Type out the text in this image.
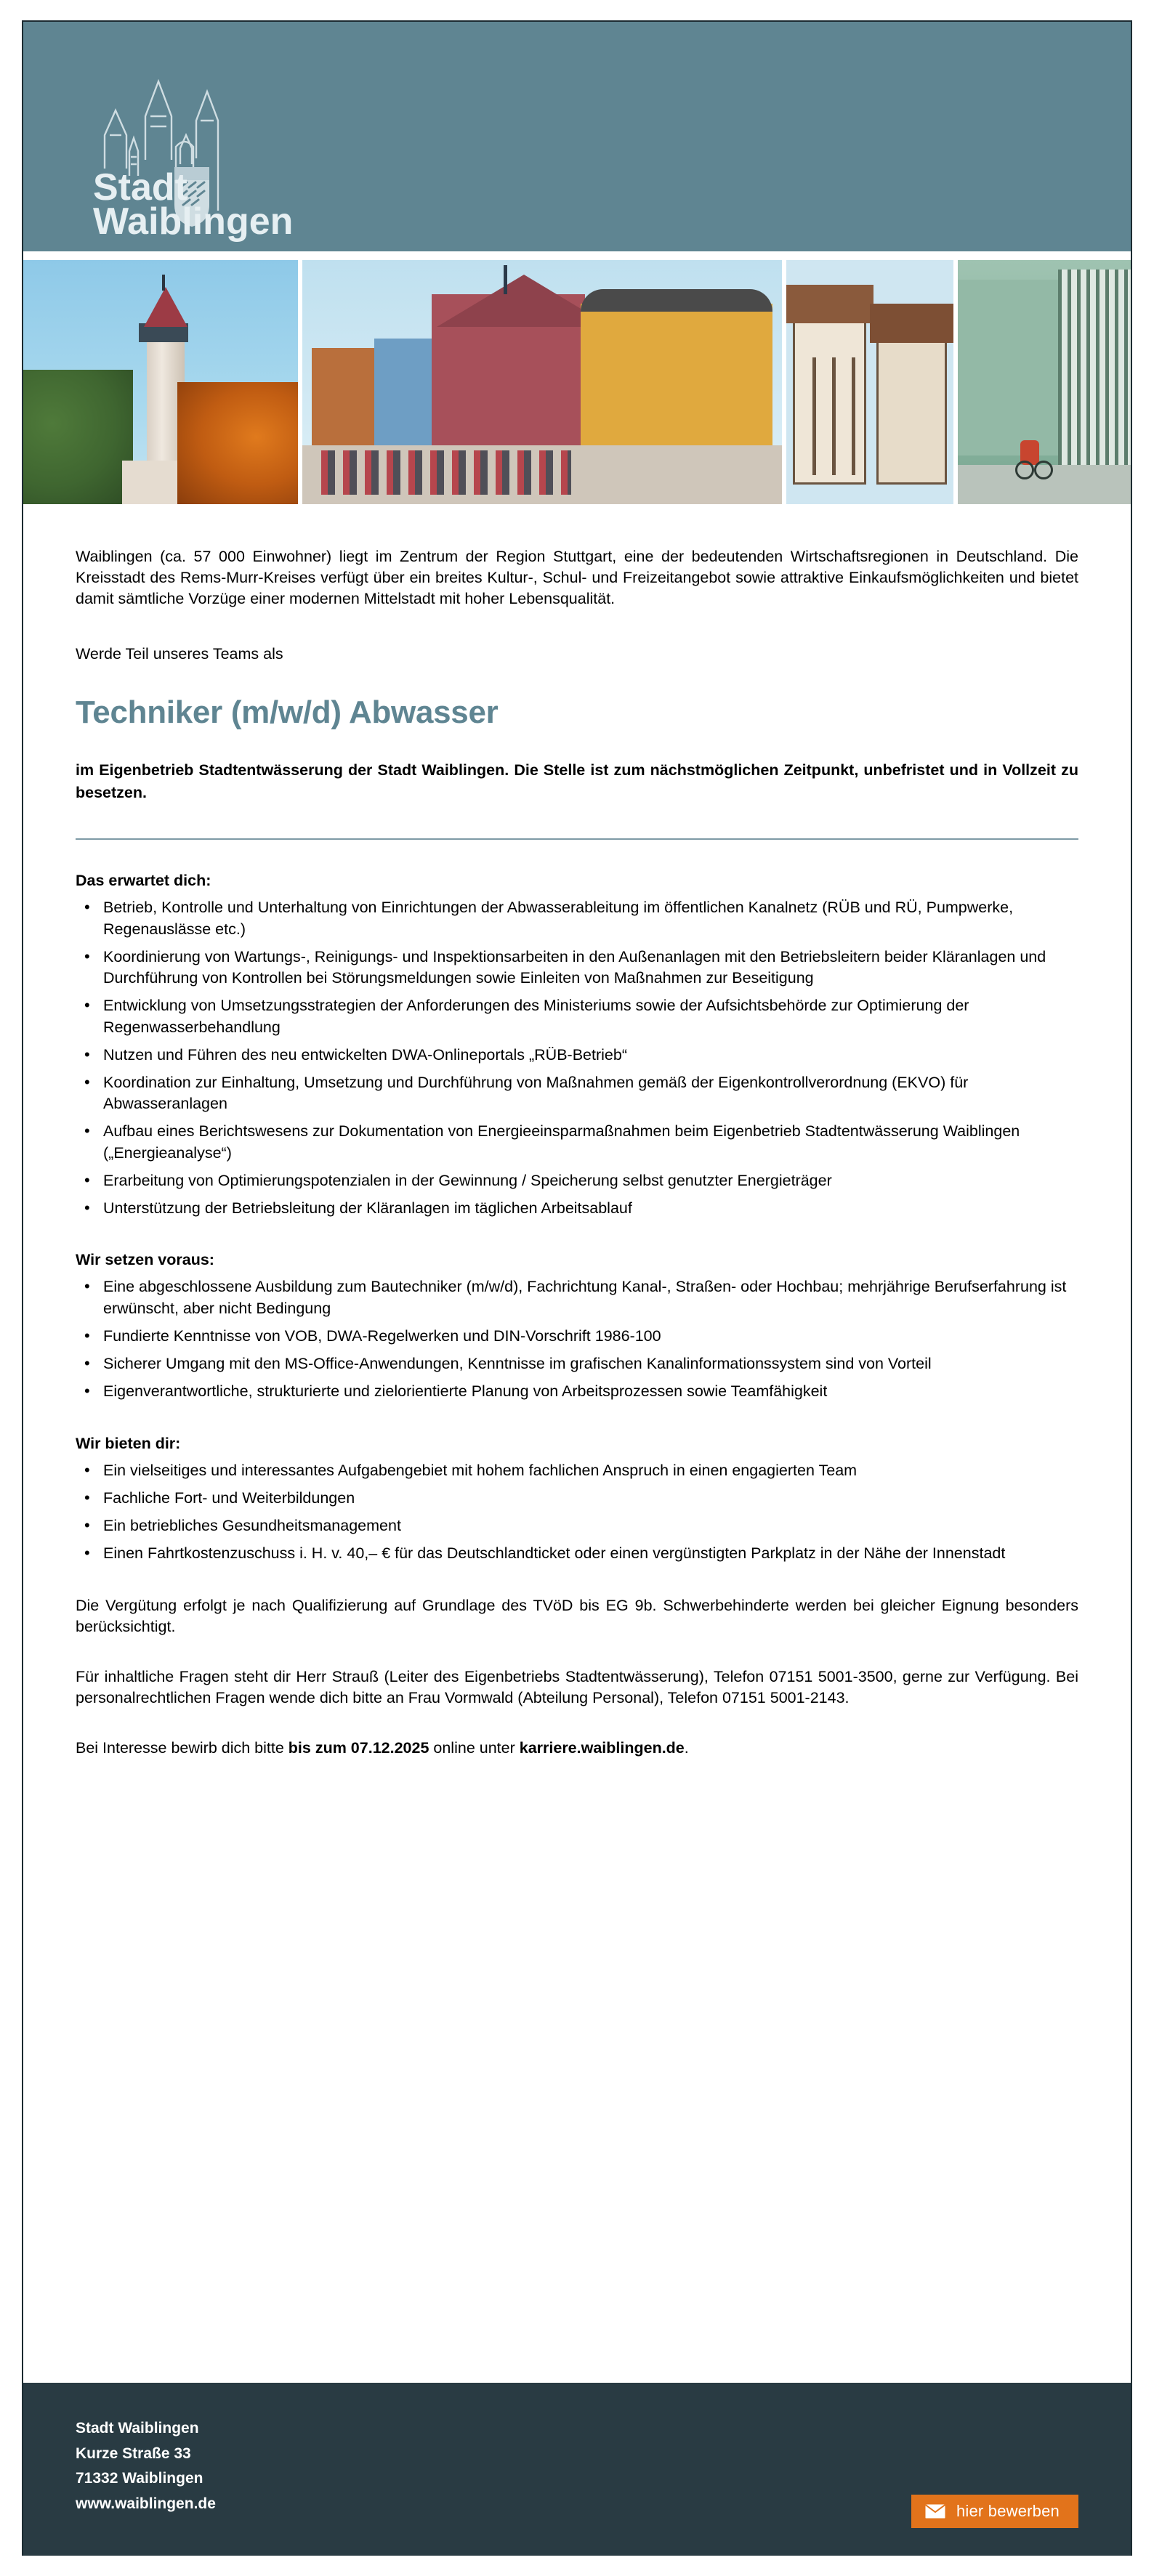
Stadt
Waiblingen

Waiblingen (ca. 57 000 Einwohner) liegt im Zentrum der Region Stuttgart, eine der bedeutenden Wirtschaftsregionen in Deutschland. Die Kreisstadt des Rems-Murr-Kreises verfügt über ein breites Kultur-, Schul- und Freizeitangebot sowie attraktive Einkaufsmöglichkeiten und bietet damit sämtliche Vorzüge einer modernen Mittelstadt mit hoher Lebensqualität.

Werde Teil unseres Teams als

Techniker (m/w/d) Abwasser

im Eigenbetrieb Stadtentwässerung der Stadt Waiblingen. Die Stelle ist zum nächstmöglichen Zeitpunkt, unbefristet und in Vollzeit zu besetzen.

Das erwartet dich:
• Betrieb, Kontrolle und Unterhaltung von Einrichtungen der Abwasserableitung im öffentlichen Kanalnetz (RÜB und RÜ, Pumpwerke, Regenauslässe etc.)
• Koordinierung von Wartungs-, Reinigungs- und Inspektionsarbeiten in den Außenanlagen mit den Betriebsleitern beider Kläranlagen und Durchführung von Kontrollen bei Störungsmeldungen sowie Einleiten von Maßnahmen zur Beseitigung
• Entwicklung von Umsetzungsstrategien der Anforderungen des Ministeriums sowie der Aufsichtsbehörde zur Optimierung der Regenwasserbehandlung
• Nutzen und Führen des neu entwickelten DWA-Onlineportals „RÜB-Betrieb“
• Koordination zur Einhaltung, Umsetzung und Durchführung von Maßnahmen gemäß der Eigenkontrollverordnung (EKVO) für Abwasseranlagen
• Aufbau eines Berichtswesens zur Dokumentation von Energieeinsparmaßnahmen beim Eigenbetrieb Stadtentwässerung Waiblingen („Energieanalyse“)
• Erarbeitung von Optimierungspotenzialen in der Gewinnung / Speicherung selbst genutzter Energieträger
• Unterstützung der Betriebsleitung der Kläranlagen im täglichen Arbeitsablauf
Wir setzen voraus:
• Eine abgeschlossene Ausbildung zum Bautechniker (m/w/d), Fachrichtung Kanal-, Straßen- oder Hochbau; mehrjährige Berufserfahrung ist erwünscht, aber nicht Bedingung
• Fundierte Kenntnisse von VOB, DWA-Regelwerken und DIN-Vorschrift 1986-100
• Sicherer Umgang mit den MS-Office-Anwendungen, Kenntnisse im grafischen Kanalinformationssystem sind von Vorteil
• Eigenverantwortliche, strukturierte und zielorientierte Planung von Arbeitsprozessen sowie Teamfähigkeit
Wir bieten dir:
• Ein vielseitiges und interessantes Aufgabengebiet mit hohem fachlichen Anspruch in einen engagierten Team
• Fachliche Fort- und Weiterbildungen
• Ein betriebliches Gesundheitsmanagement
• Einen Fahrtkostenzuschuss i. H. v. 40,– € für das Deutschlandticket oder einen vergünstigten Parkplatz in der Nähe der Innenstadt

Die Vergütung erfolgt je nach Qualifizierung auf Grundlage des TVöD bis EG 9b. Schwerbehinderte werden bei gleicher Eignung besonders berücksichtigt.

Für inhaltliche Fragen steht dir Herr Strauß (Leiter des Eigenbetriebs Stadtentwässerung), Telefon 07151 5001-3500, gerne zur Verfügung. Bei personalrechtlichen Fragen wende dich bitte an Frau Vormwald (Abteilung Personal), Telefon 07151 5001-2143.

Bei Interesse bewirb dich bitte bis zum 07.12.2025 online unter karriere.waiblingen.de.

Stadt Waiblingen
Kurze Straße 33
71332 Waiblingen
www.waiblingen.de	hier bewerben
